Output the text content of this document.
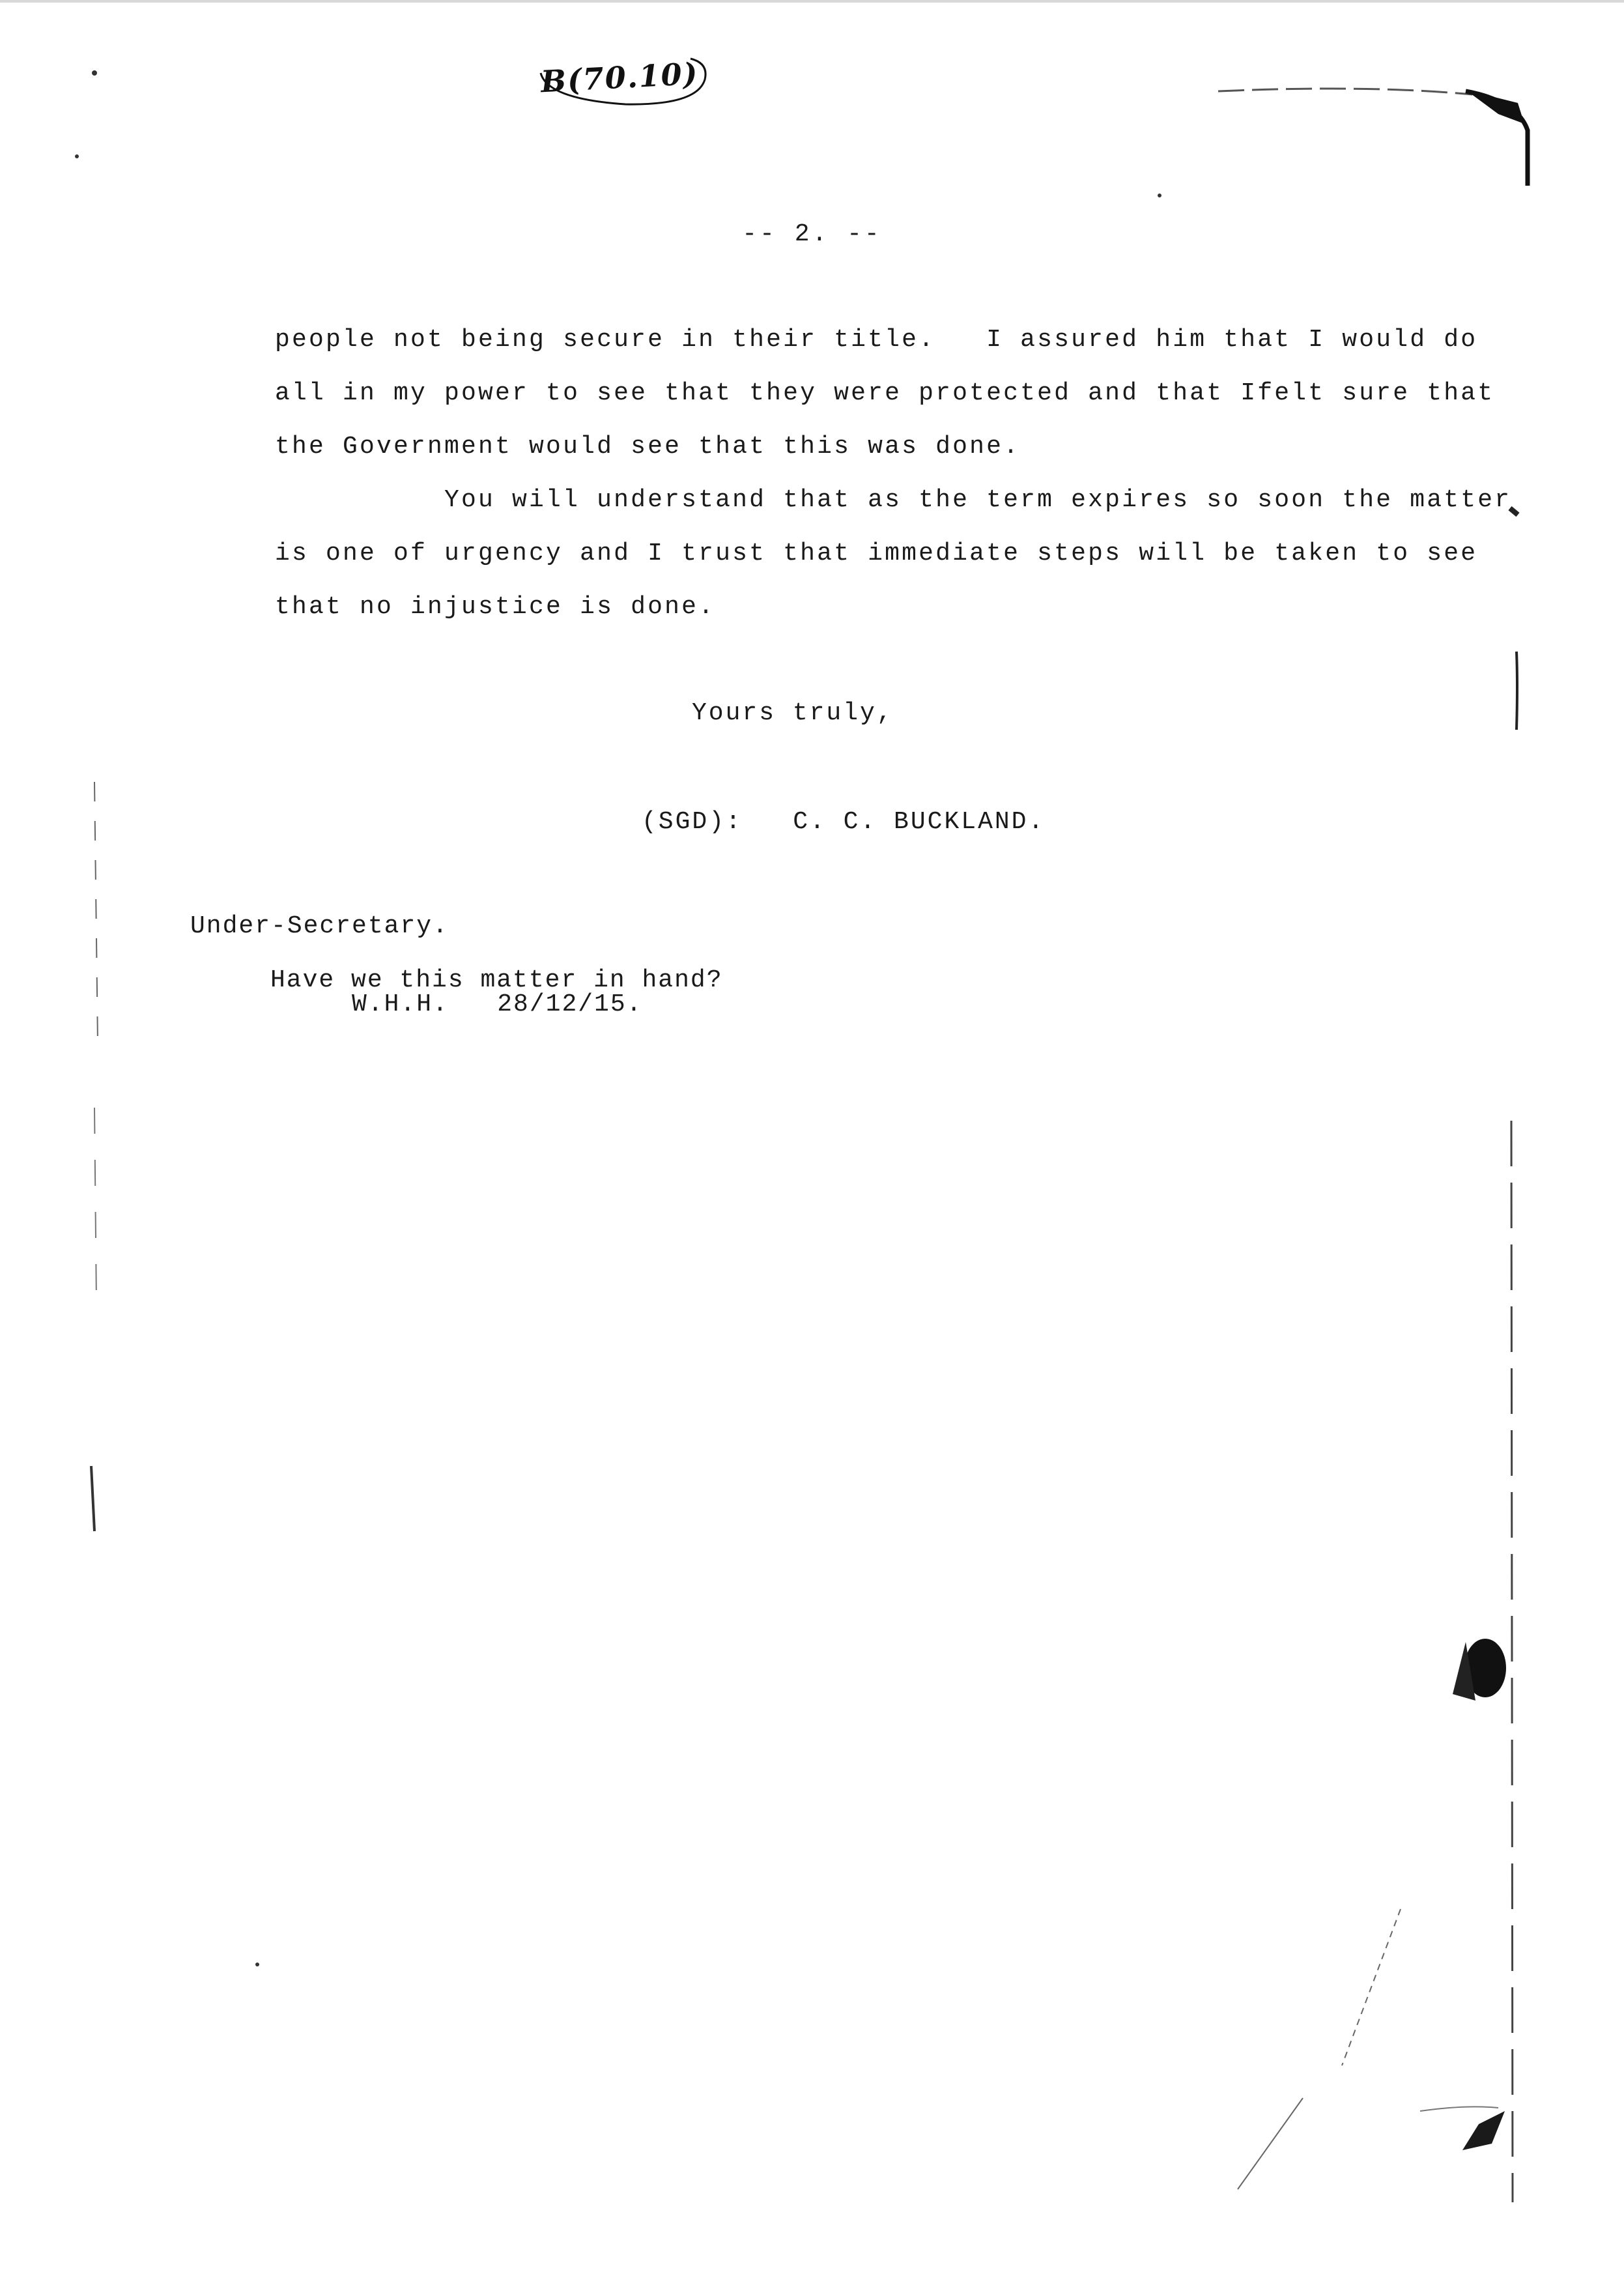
B(70.10)
-- 2. --
people not being secure in their title.   I assured him that I would do
all in my power to see that they were protected and that Ifelt sure that
the Government would see that this was done.
You will understand that as the term expires so soon the matter
is one of urgency and I trust that immediate steps will be taken to see
that no injustice is done.
Yours truly,
(SGD):   C. C. BUCKLAND.
Under-Secretary.
Have we this matter in hand?
W.H.H.   28/12/15.
